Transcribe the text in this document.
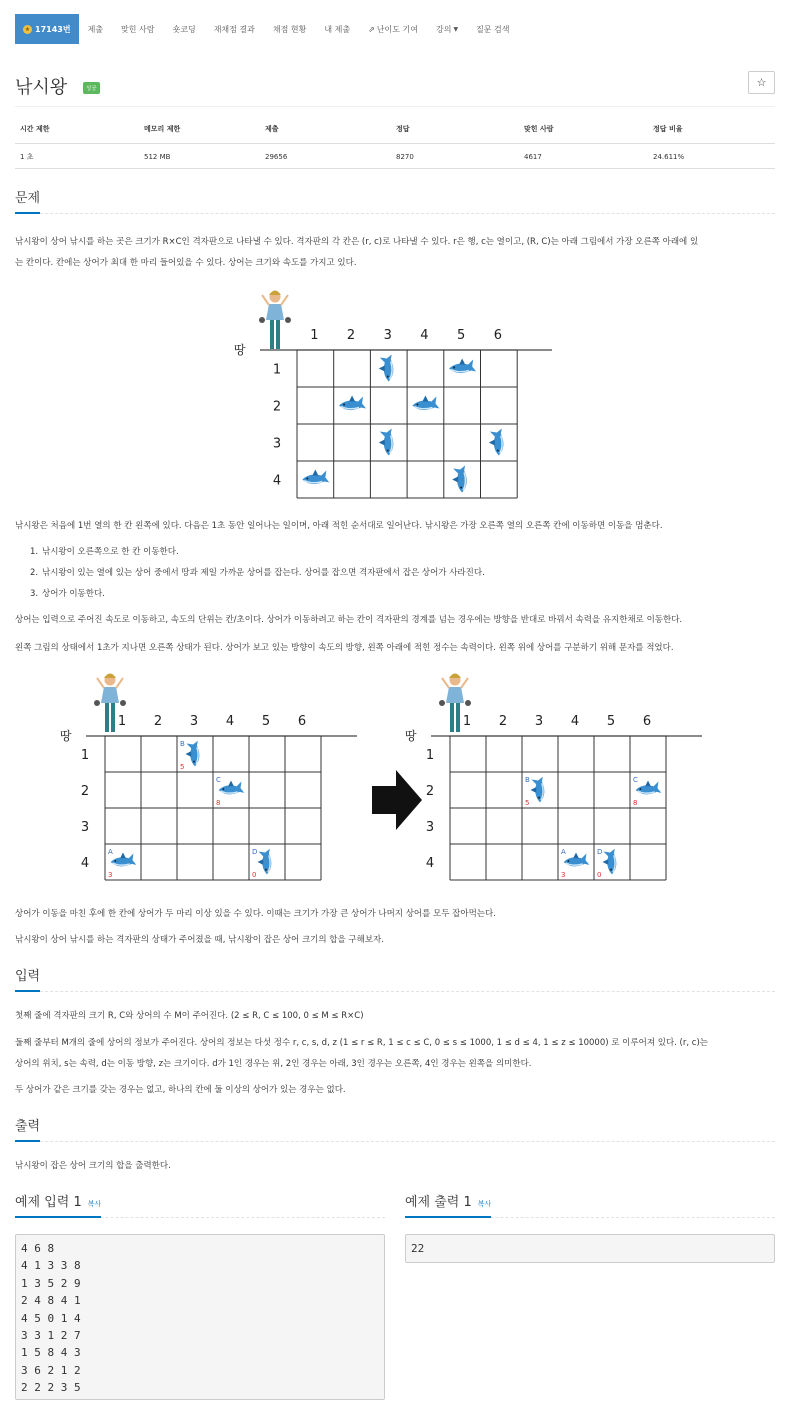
★ 17143번	제출	맞힌 사람	숏코딩	재채점 결과	채점 현황	내 제출	⇗ 난이도 기여 강의 ▼	질문 검색
낚시왕	성공	☆
시간 제한	메모리 제한	제출	정답	맞힌 사람	정답 비율
1 초	512 MB	29656	8270	4617	24.611%
문제
낚시왕이 상어 낚시를 하는 곳은 크기가 R×C인 격자판으로 나타낼 수 있다. 격자판의 각 칸은 (r, c)로 나타낼 수 있다. r은 행, c는 열이고, (R, C)는 아래 그림에서 가장 오른쪽 아래에 있
는 칸이다. 칸에는 상어가 최대 한 마리 들어있을 수 있다. 상어는 크기와 속도를 가지고 있다.
땅
1 2 3 4 5 6
1
2
3
4
낚시왕은 처음에 1번 열의 한 칸 왼쪽에 있다. 다음은 1초 동안 일어나는 일이며, 아래 적힌 순서대로 일어난다. 낚시왕은 가장 오른쪽 열의 오른쪽 칸에 이동하면 이동을 멈춘다.
1. 낚시왕이 오른쪽으로 한 칸 이동한다.
2. 낚시왕이 있는 열에 있는 상어 중에서 땅과 제일 가까운 상어를 잡는다. 상어를 잡으면 격자판에서 잡은 상어가 사라진다.
3. 상어가 이동한다.
상어는 입력으로 주어진 속도로 이동하고, 속도의 단위는 칸/초이다. 상어가 이동하려고 하는 칸이 격자판의 경계를 넘는 경우에는 방향을 반대로 바꿔서 속력을 유지한채로 이동한다.
왼쪽 그림의 상태에서 1초가 지나면 오른쪽 상태가 된다. 상어가 보고 있는 방향이 속도의 방향, 왼쪽 아래에 적힌 정수는 속력이다. 왼쪽 위에 상어를 구분하기 위해 문자를 적었다.
땅
1 2 3 4 5 6
1
2
3
4
A
3
B
5
C
8
D
0
땅
1 2 3 4 5 6
1
2
3
4
A
3
B
5
C
8
D
0
상어가 이동을 마친 후에 한 칸에 상어가 두 마리 이상 있을 수 있다. 이때는 크기가 가장 큰 상어가 나머지 상어를 모두 잡아먹는다.
낚시왕이 상어 낚시를 하는 격자판의 상태가 주어졌을 때, 낚시왕이 잡은 상어 크기의 합을 구해보자.
입력
첫째 줄에 격자판의 크기 R, C와 상어의 수 M이 주어진다. (2 ≤ R, C ≤ 100, 0 ≤ M ≤ R×C)
둘째 줄부터 M개의 줄에 상어의 정보가 주어진다. 상어의 정보는 다섯 정수 r, c, s, d, z (1 ≤ r ≤ R, 1 ≤ c ≤ C, 0 ≤ s ≤ 1000, 1 ≤ d ≤ 4, 1 ≤ z ≤ 10000) 로 이루어져 있다. (r, c)는
상어의 위치, s는 속력, d는 이동 방향, z는 크기이다. d가 1인 경우는 위, 2인 경우는 아래, 3인 경우는 오른쪽, 4인 경우는 왼쪽을 의미한다.
두 상어가 같은 크기를 갖는 경우는 없고, 하나의 칸에 둘 이상의 상어가 있는 경우는 없다.
출력
낚시왕이 잡은 상어 크기의 합을 출력한다.
예제 입력 1 복사	예제 출력 1 복사
4 6 8
4 1 3 3 8
1 3 5 2 9
2 4 8 4 1
4 5 0 1 4
3 3 1 2 7
1 5 8 4 3
3 6 2 1 2
2 2 2 3 5
22
